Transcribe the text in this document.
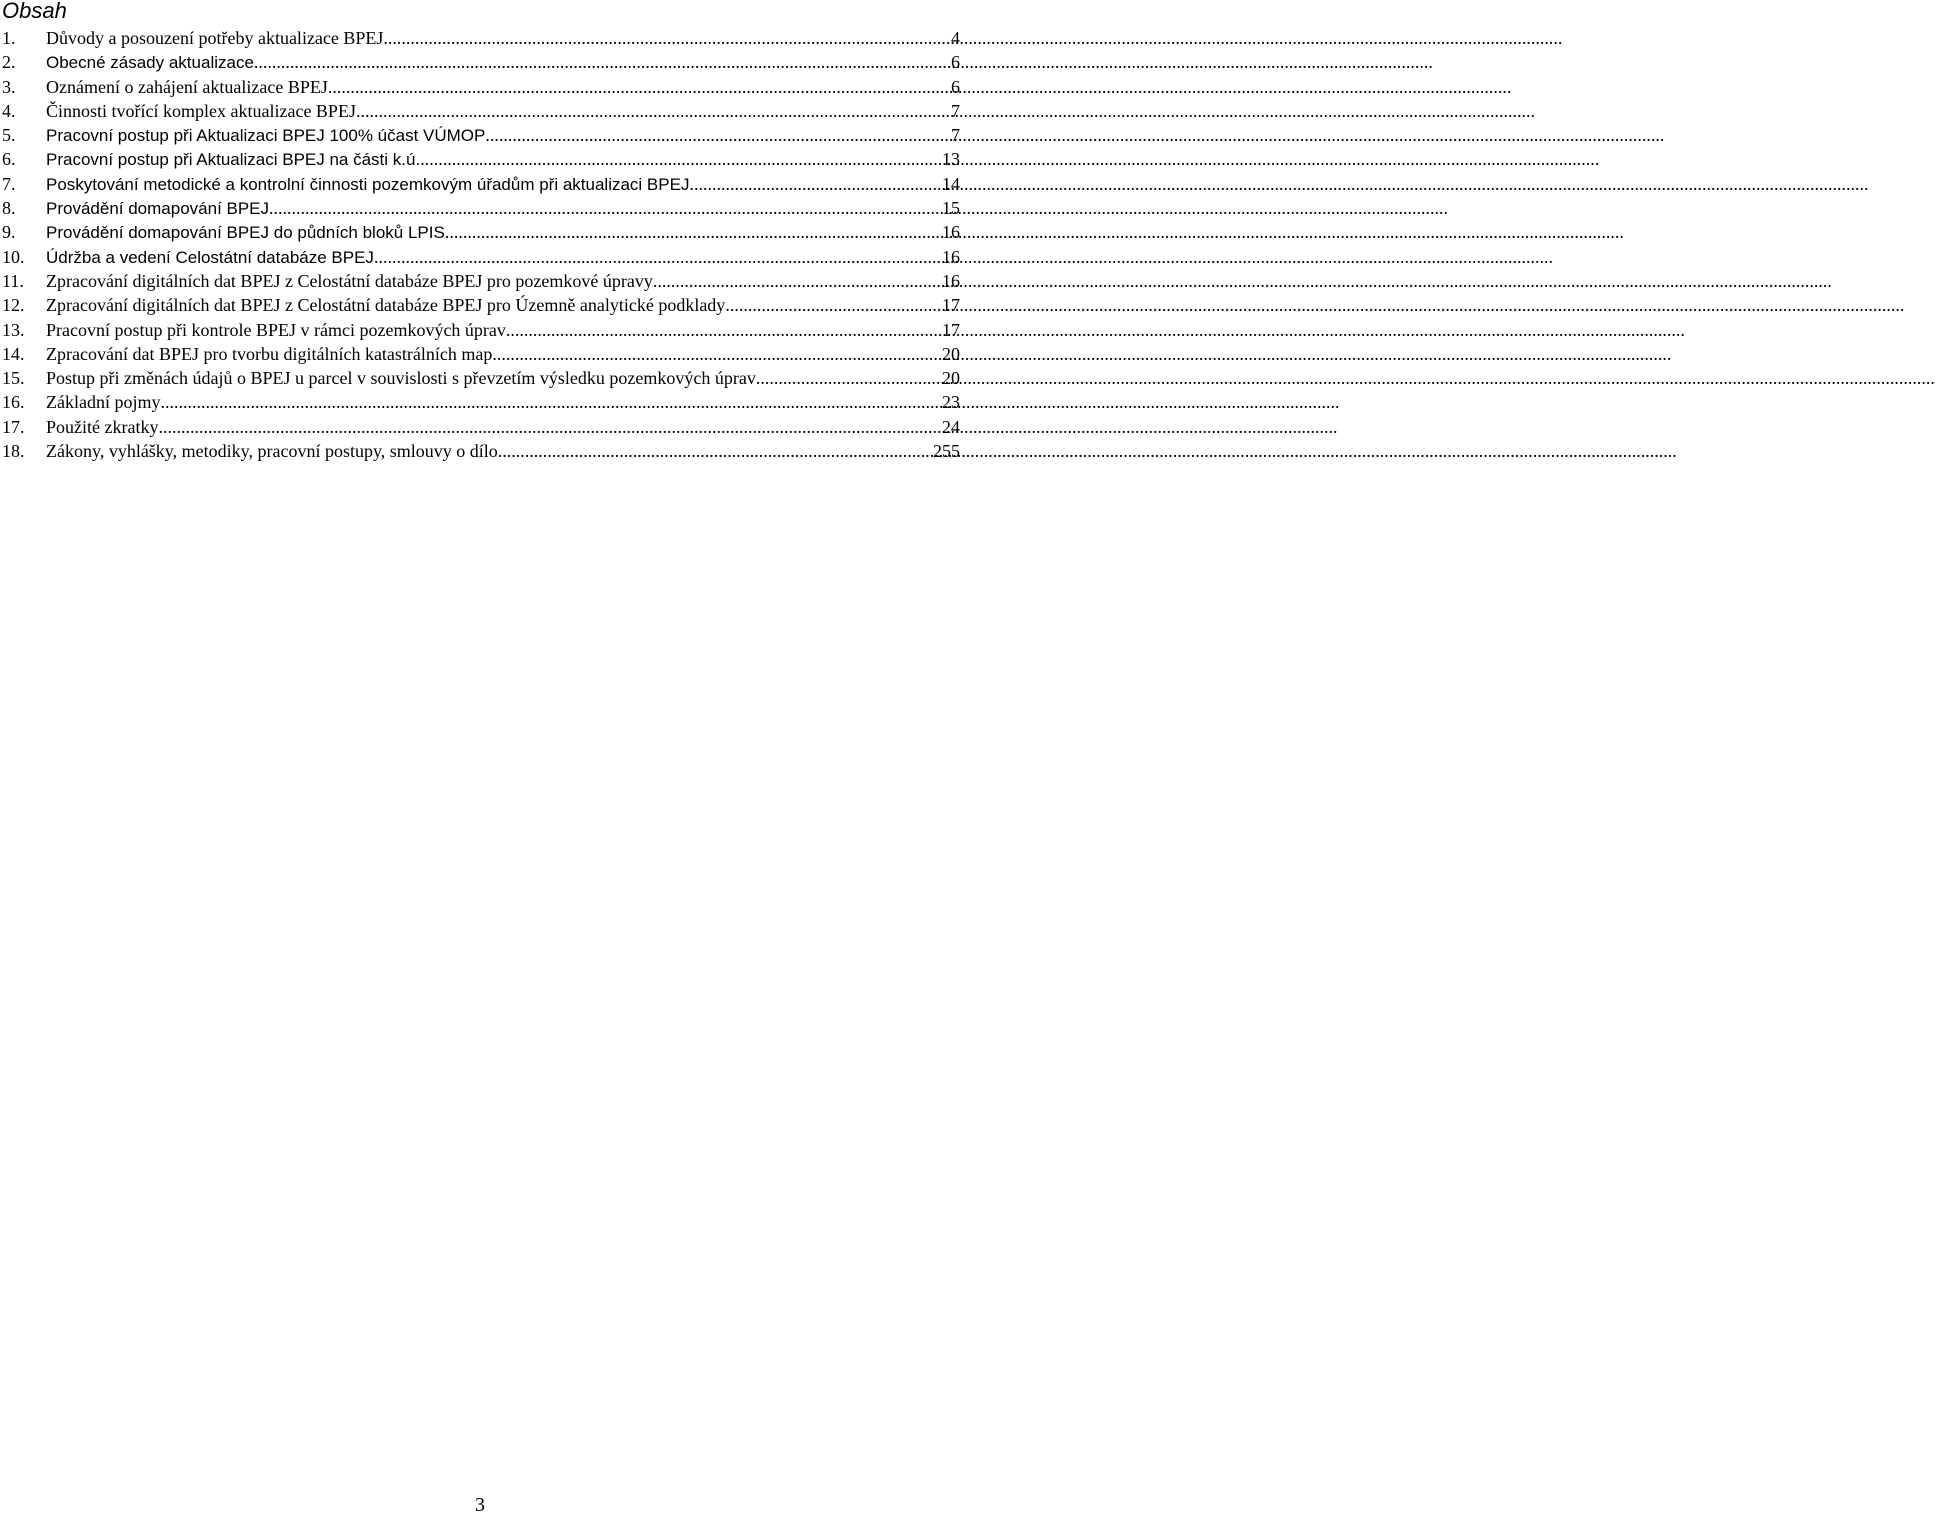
Obsah
1.	Důvody a posouzení potřeby aktualizace BPEJ .....	4
2.	Obecné zásady aktualizace .....	6
3.	Oznámení o zahájení aktualizace BPEJ. .....	6
4.	Činnosti tvořící komplex aktualizace BPEJ .....	7
5.	Pracovní postup při Aktualizaci BPEJ 100% účast VÚMOP .....	7
6.	Pracovní postup při Aktualizaci BPEJ na části k.ú. .....	13
7.	Poskytování metodické a kontrolní činnosti pozemkovým úřadům při aktualizaci BPEJ .....	14
8.	Provádění domapování BPEJ .....	15
9.	Provádění domapování BPEJ do půdních bloků LPIS .....	16
10.	Údržba a vedení Celostátní databáze BPEJ .....	16
11.	Zpracování digitálních dat BPEJ z Celostátní databáze BPEJ pro pozemkové úpravy .....	16
12.	Zpracování digitálních dat BPEJ z Celostátní databáze BPEJ pro Územně analytické podklady .....	17
13.	Pracovní postup při kontrole BPEJ v rámci pozemkových úprav .....	17
14.	Zpracování dat BPEJ pro tvorbu digitálních katastrálních map .....	20
15.	Postup při změnách údajů o BPEJ u parcel v souvislosti s převzetím výsledku pozemkových úprav .....	20
16.	Základní pojmy .....	23
17.	Použité zkratky .....	24
18.	Zákony, vyhlášky, metodiky, pracovní postupy, smlouvy o dílo .....	255
3
